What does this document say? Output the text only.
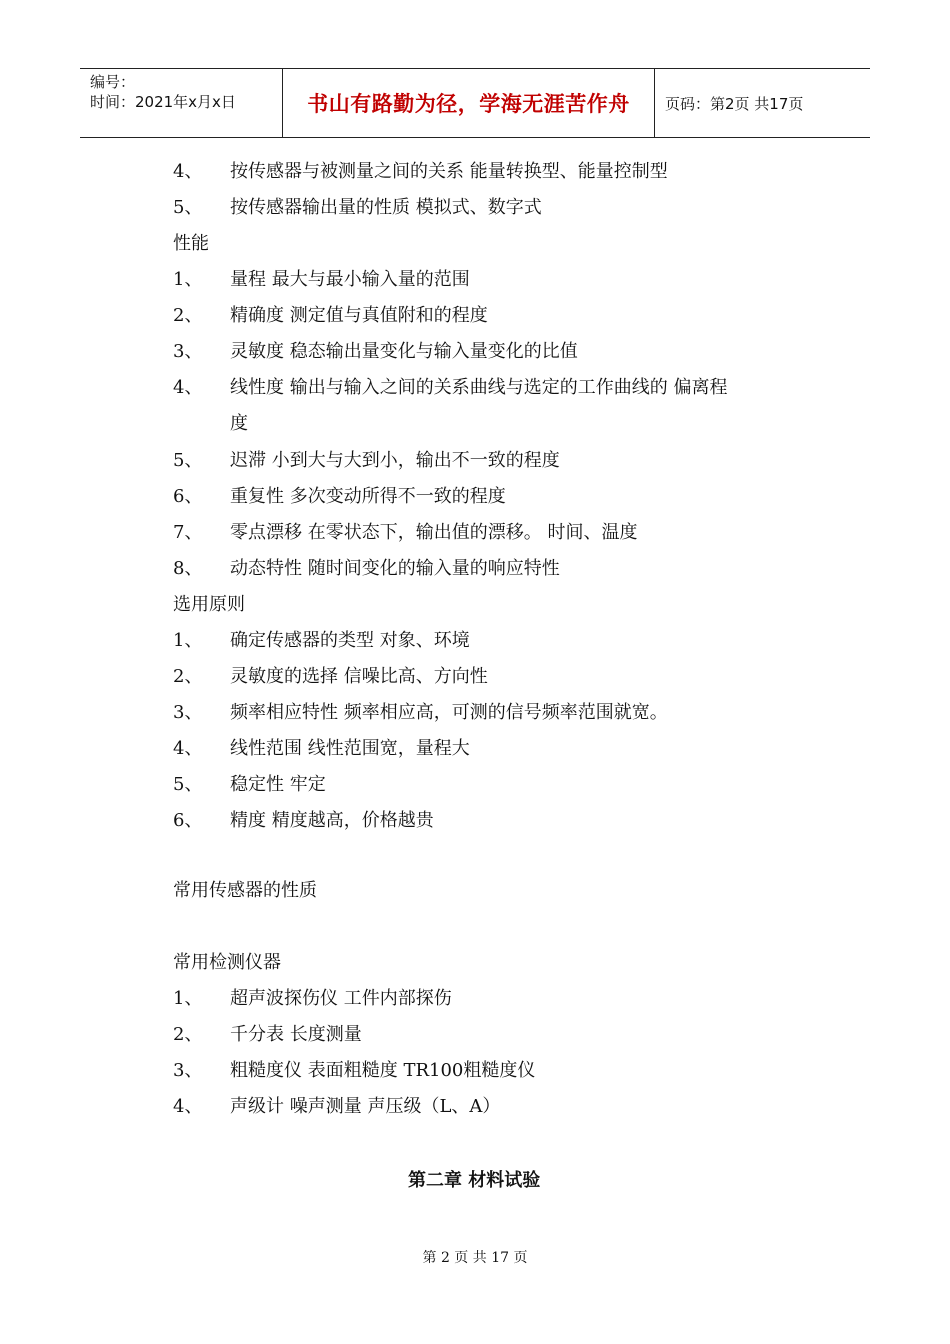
编号：
时间：2021年x月x日	书山有路勤为径，学海无涯苦作舟 页码：第2页 共17页
4、 按传感器与被测量之间的关系 能量转换型、能量控制型
5、 按传感器输出量的性质 模拟式、数字式
性能
1、 量程 最大与最小输入量的范围
2、 精确度 测定值与真值附和的程度
3、 灵敏度 稳态输出量变化与输入量变化的比值
4、 线性度 输出与输入之间的关系曲线与选定的工作曲线的 偏离程
度
5、 迟滞 小到大与大到小，输出不一致的程度
6、 重复性 多次变动所得不一致的程度
7、 零点漂移 在零状态下，输出值的漂移。 时间、温度
8、 动态特性 随时间变化的输入量的响应特性
选用原则
1、 确定传感器的类型 对象、环境
2、 灵敏度的选择 信噪比高、方向性
3、 频率相应特性 频率相应高，可测的信号频率范围就宽。
4、 线性范围 线性范围宽，量程大
5、 稳定性 牢定
6、 精度 精度越高，价格越贵
常用传感器的性质
常用检测仪器
1、 超声波探伤仪 工件内部探伤
2、 千分表 长度测量
3、 粗糙度仪 表面粗糙度 TR100粗糙度仪
4、 声级计 噪声测量 声压级（L、A）
第二章 材料试验
第 2 页 共 17 页
